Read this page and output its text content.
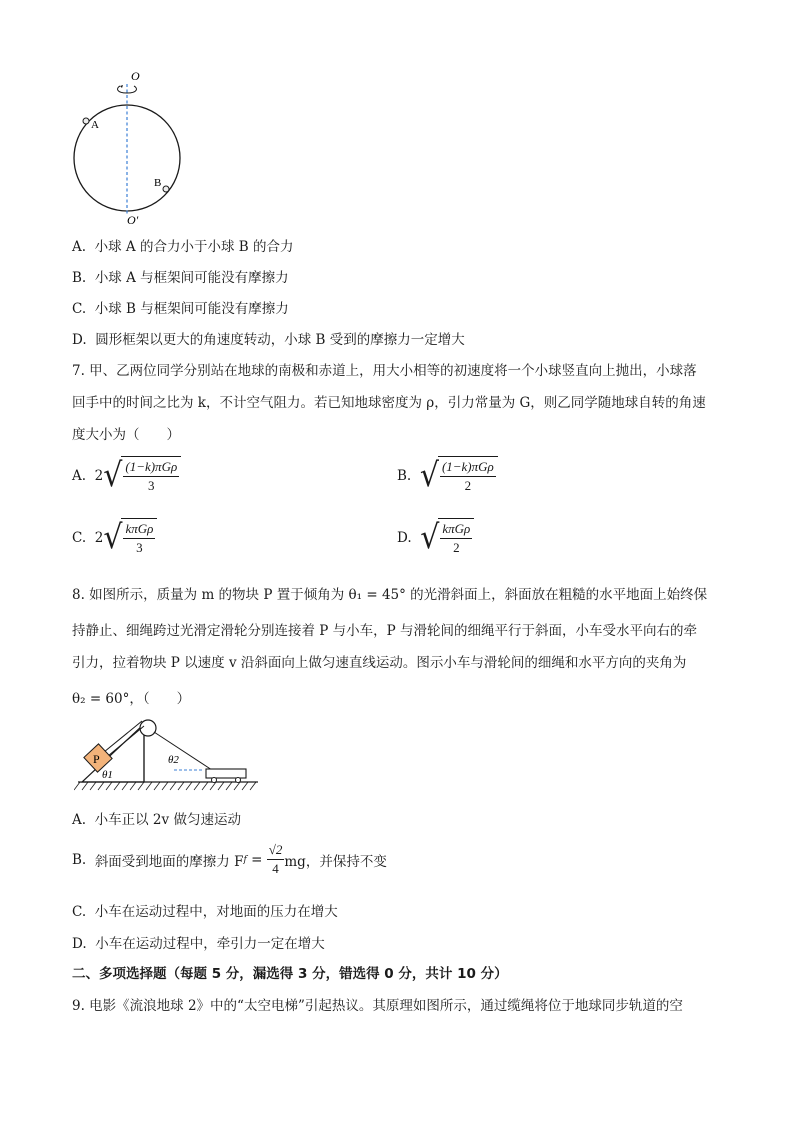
O
O′
A
B
A. 小球 A 的合力小于小球 B 的合力
B. 小球 A 与框架间可能没有摩擦力
C. 小球 B 与框架间可能没有摩擦力
D. 圆形框架以更大的角速度转动，小球 B 受到的摩擦力一定增大
7. 甲、乙两位同学分别站在地球的南极和赤道上，用大小相等的初速度将一个小球竖直向上抛出，小球落
回手中的时间之比为 k，不计空气阻力。若已知地球密度为 ρ，引力常量为 G，则乙同学随地球自转的角速
度大小为（　　）
A.
2 √ $\frac{\text{(1−k)πGρ}}{3}$	B.
√ $\frac{\text{(1−k)πGρ}}{2}$
C.
2 √ $\frac{\text{kπGρ}}{3}$	D.
√ $\frac{\text{kπGρ}}{2}$
8. 如图所示，质量为 m 的物块 P 置于倾角为 θ₁ = 45° 的光滑斜面上，斜面放在粗糙的水平地面上始终保
持静止、细绳跨过光滑定滑轮分别连接着 P 与小车，P 与滑轮间的细绳平行于斜面，小车受水平向右的牵
引力，拉着物块 P 以速度 v 沿斜面向上做匀速直线运动。图示小车与滑轮间的细绳和水平方向的夹角为
θ₂ = 60°，（　　）
P
θ1
θ2
A. 小车正以 2v 做匀速运动
B.
斜面受到地面的摩擦力 F $f = \frac{√2}{4}$ mg，并保持不变
C. 小车在运动过程中，对地面的压力在增大
D. 小车在运动过程中，牵引力一定在增大
二、多项选择题（每题 5 分，漏选得 3 分，错选得 0 分，共计 10 分）
9. 电影《流浪地球 2》中的“太空电梯”引起热议。其原理如图所示，通过缆绳将位于地球同步轨道的空
